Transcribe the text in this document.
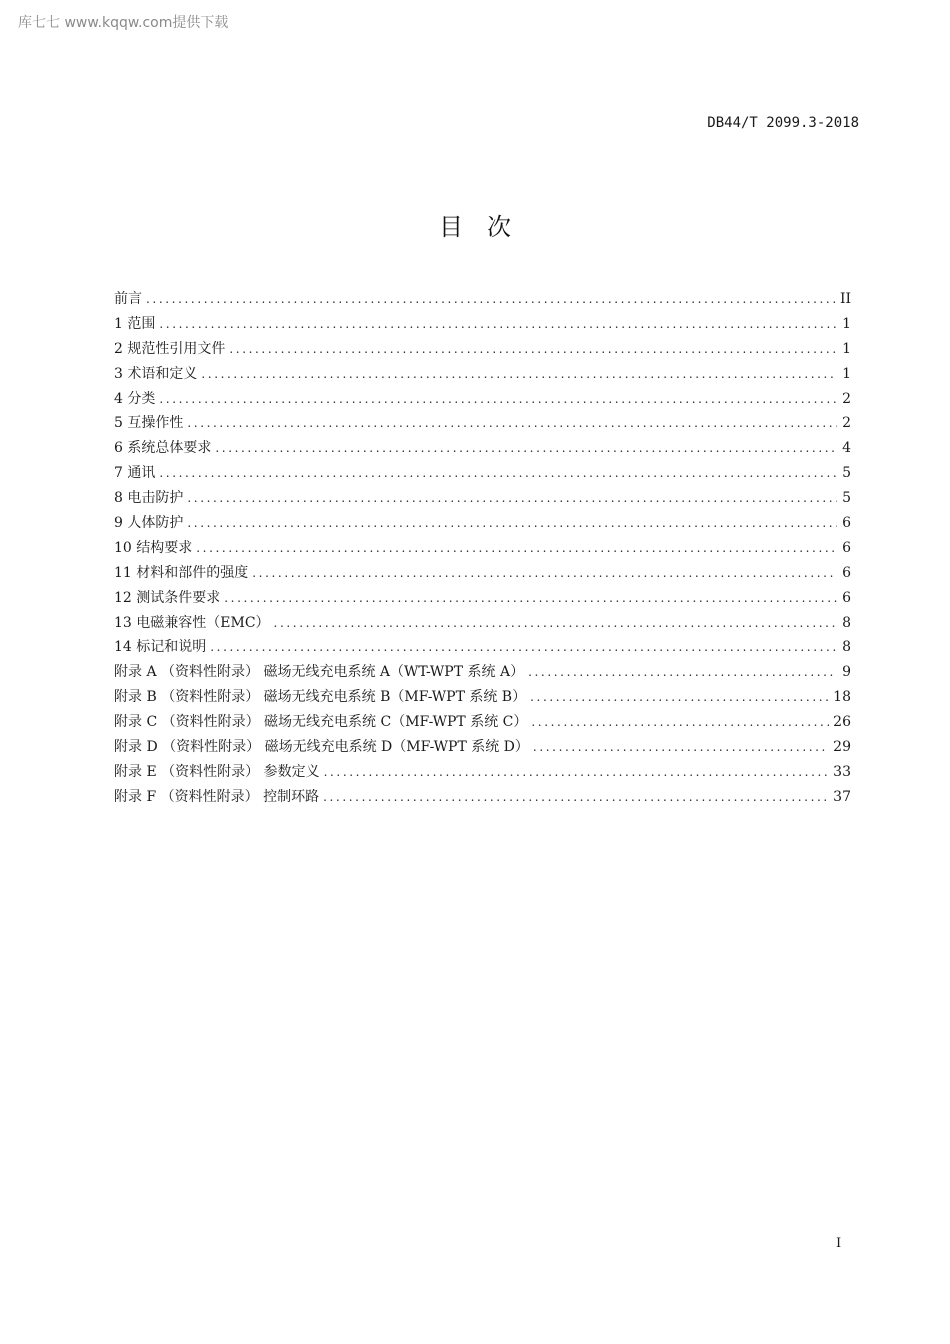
库七七 www.kqqw.com提供下载
DB44/T 2099.3-2018
目次
前言 .....	II
1 范围 .....	1
2 规范性引用文件 .....	1
3 术语和定义 .....	1
4 分类 .....	2
5 互操作性 .....	2
6 系统总体要求 .....	4
7 通讯 .....	5
8 电击防护 .....	5
9 人体防护 .....	6
10 结构要求 .....	6
11 材料和部件的强度 .....	6
12 测试条件要求 .....	6
13 电磁兼容性（EMC） .....	8
14 标记和说明 .....	8
附录 A （资料性附录） 磁场无线充电系统 A（WT-WPT 系统 A） .....	9
附录 B （资料性附录） 磁场无线充电系统 B（MF-WPT 系统 B） .....	18
附录 C （资料性附录） 磁场无线充电系统 C（MF-WPT 系统 C） .....	26
附录 D （资料性附录） 磁场无线充电系统 D（MF-WPT 系统 D） .....	29
附录 E （资料性附录） 参数定义 .....	33
附录 F （资料性附录） 控制环路 .....	37
I
